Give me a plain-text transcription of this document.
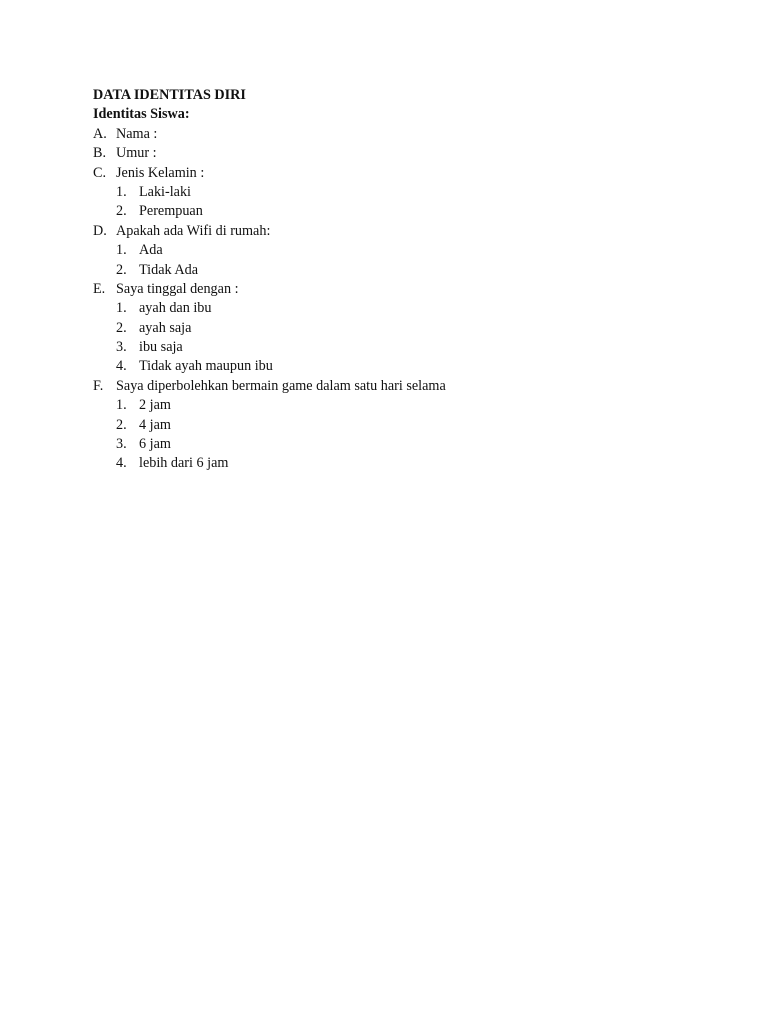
DATA IDENTITAS DIRI
Identitas Siswa:
A. Nama :
B. Umur :
C. Jenis Kelamin :
1. Laki-laki
2. Perempuan
D. Apakah ada Wifi di rumah:
1. Ada
2. Tidak Ada
E. Saya tinggal dengan :
1. ayah dan ibu
2. ayah saja
3. ibu saja
4. Tidak ayah maupun ibu
F. Saya diperbolehkan bermain game dalam satu hari selama
1. 2 jam
2. 4 jam
3. 6 jam
4. lebih dari 6 jam
